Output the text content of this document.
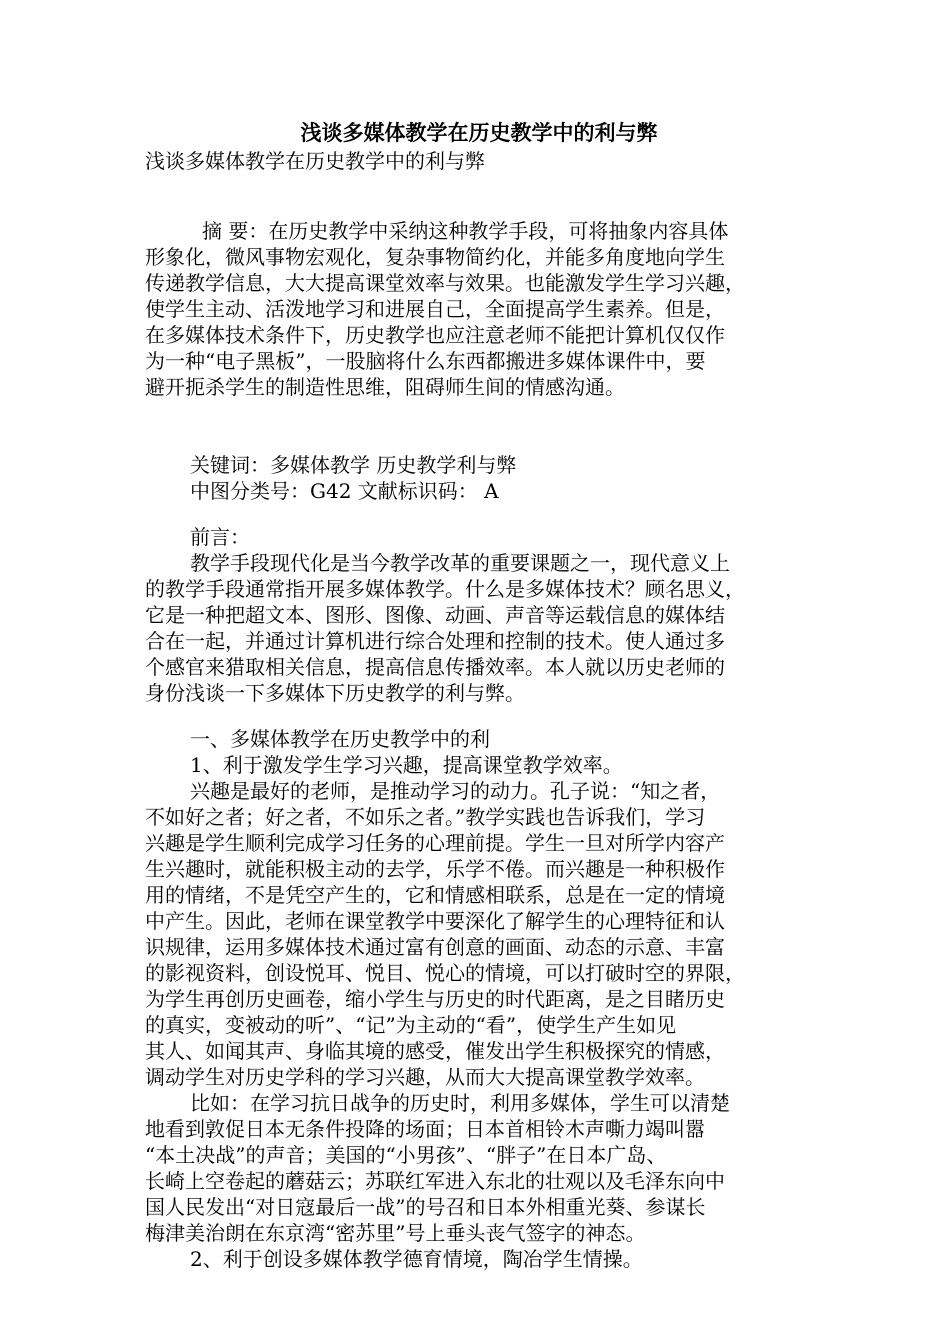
浅谈多媒体教学在历史教学中的利与弊

浅谈多媒体教学在历史教学中的利与弊

摘 要：在历史教学中采纳这种教学手段，可将抽象内容具体

形象化，微风事物宏观化，复杂事物简约化，并能多角度地向学生

传递教学信息，大大提高课堂效率与效果。也能激发学生学习兴趣，

使学生主动、活泼地学习和进展自己，全面提高学生素养。但是，

在多媒体技术条件下，历史教学也应注意老师不能把计算机仅仅作

为一种“电子黑板”，一股脑将什么东西都搬进多媒体课件中，要

避开扼杀学生的制造性思维，阻碍师生间的情感沟通。

关键词：多媒体教学 历史教学利与弊

中图分类号：G42 文献标识码： A

前言：

教学手段现代化是当今教学改革的重要课题之一，现代意义上

的教学手段通常指开展多媒体教学。什么是多媒体技术？顾名思义，

它是一种把超文本、图形、图像、动画、声音等运载信息的媒体结

合在一起，并通过计算机进行综合处理和控制的技术。使人通过多

个感官来猎取相关信息，提高信息传播效率。本人就以历史老师的

身份浅谈一下多媒体下历史教学的利与弊。

一、多媒体教学在历史教学中的利

1、利于激发学生学习兴趣，提高课堂教学效率。

兴趣是最好的老师，是推动学习的动力。孔子说：“知之者，

不如好之者；好之者，不如乐之者。”教学实践也告诉我们，学习

兴趣是学生顺利完成学习任务的心理前提。学生一旦对所学内容产

生兴趣时，就能积极主动的去学，乐学不倦。而兴趣是一种积极作

用的情绪，不是凭空产生的，它和情感相联系，总是在一定的情境

中产生。因此，老师在课堂教学中要深化了解学生的心理特征和认

识规律，运用多媒体技术通过富有创意的画面、动态的示意、丰富

的影视资料，创设悦耳、悦目、悦心的情境，可以打破时空的界限，

为学生再创历史画卷，缩小学生与历史的时代距离，是之目睹历史

的真实，变被动的听”、“记”为主动的“看”，使学生产生如见

其人、如闻其声、身临其境的感受，催发出学生积极探究的情感，

调动学生对历史学科的学习兴趣，从而大大提高课堂教学效率。

比如：在学习抗日战争的历史时，利用多媒体，学生可以清楚

地看到敦促日本无条件投降的场面；日本首相铃木声嘶力竭叫嚣

“本土决战”的声音；美国的“小男孩”、“胖子”在日本广岛、

长崎上空卷起的蘑菇云；苏联红军进入东北的壮观以及毛泽东向中

国人民发出“对日寇最后一战”的号召和日本外相重光葵、参谋长

梅津美治朗在东京湾“密苏里”号上垂头丧气签字的神态。

2、利于创设多媒体教学德育情境，陶冶学生情操。
